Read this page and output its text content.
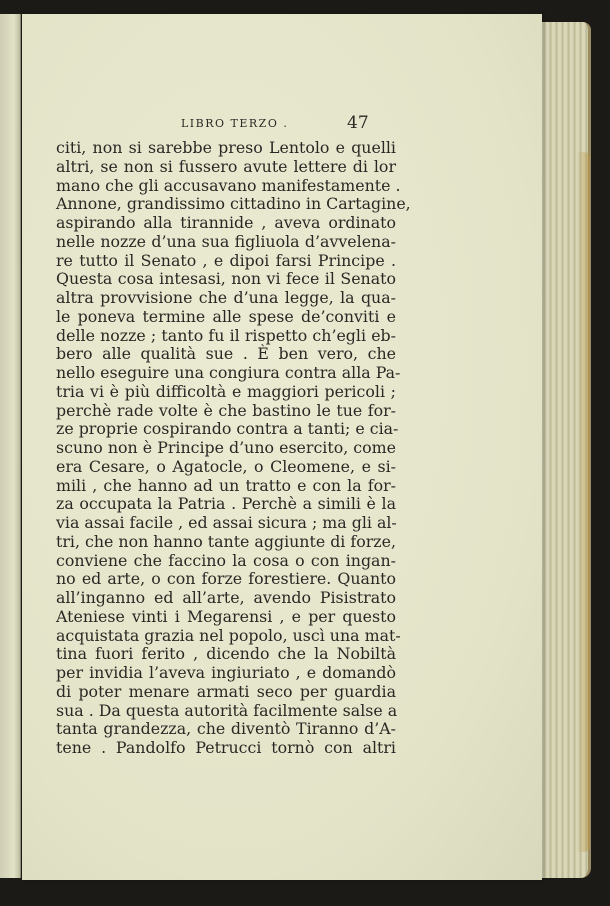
LIBRO TERZO .	47
citi, non si sarebbe preso Lentolo e quelli
altri, se non si fussero avute lettere di lor
mano che gli accusavano manifestamente .
Annone, grandissimo cittadino in Cartagine,
aspirando alla tirannide , aveva ordinato
nelle nozze d’una sua figliuola d’avvelena-
re tutto il Senato , e dipoi farsi Principe .
Questa cosa intesasi, non vi fece il Senato
altra provvisione che d’una legge, la qua-
le poneva termine alle spese de’conviti e
delle nozze ; tanto fu il rispetto ch’egli eb-
bero alle qualità sue . È ben vero, che
nello eseguire una congiura contra alla Pa-
tria vi è più difficoltà e maggiori pericoli ;
perchè rade volte è che bastino le tue for-
ze proprie cospirando contra a tanti; e cia-
scuno non è Principe d’uno esercito, come
era Cesare, o Agatocle, o Cleomene, e si-
mili , che hanno ad un tratto e con la for-
za occupata la Patria . Perchè a simili è la
via assai facile , ed assai sicura ; ma gli al-
tri, che non hanno tante aggiunte di forze,
conviene che faccino la cosa o con ingan-
no ed arte, o con forze forestiere. Quanto
all’inganno ed all’arte, avendo Pisistrato
Ateniese vinti i Megarensi , e per questo
acquistata grazia nel popolo, uscì una mat-
tina fuori ferito , dicendo che la Nobiltà
per invidia l’aveva ingiuriato , e domandò
di poter menare armati seco per guardia
sua . Da questa autorità facilmente salse a
tanta grandezza, che diventò Tiranno d’A-
tene . Pandolfo Petrucci tornò con altri
